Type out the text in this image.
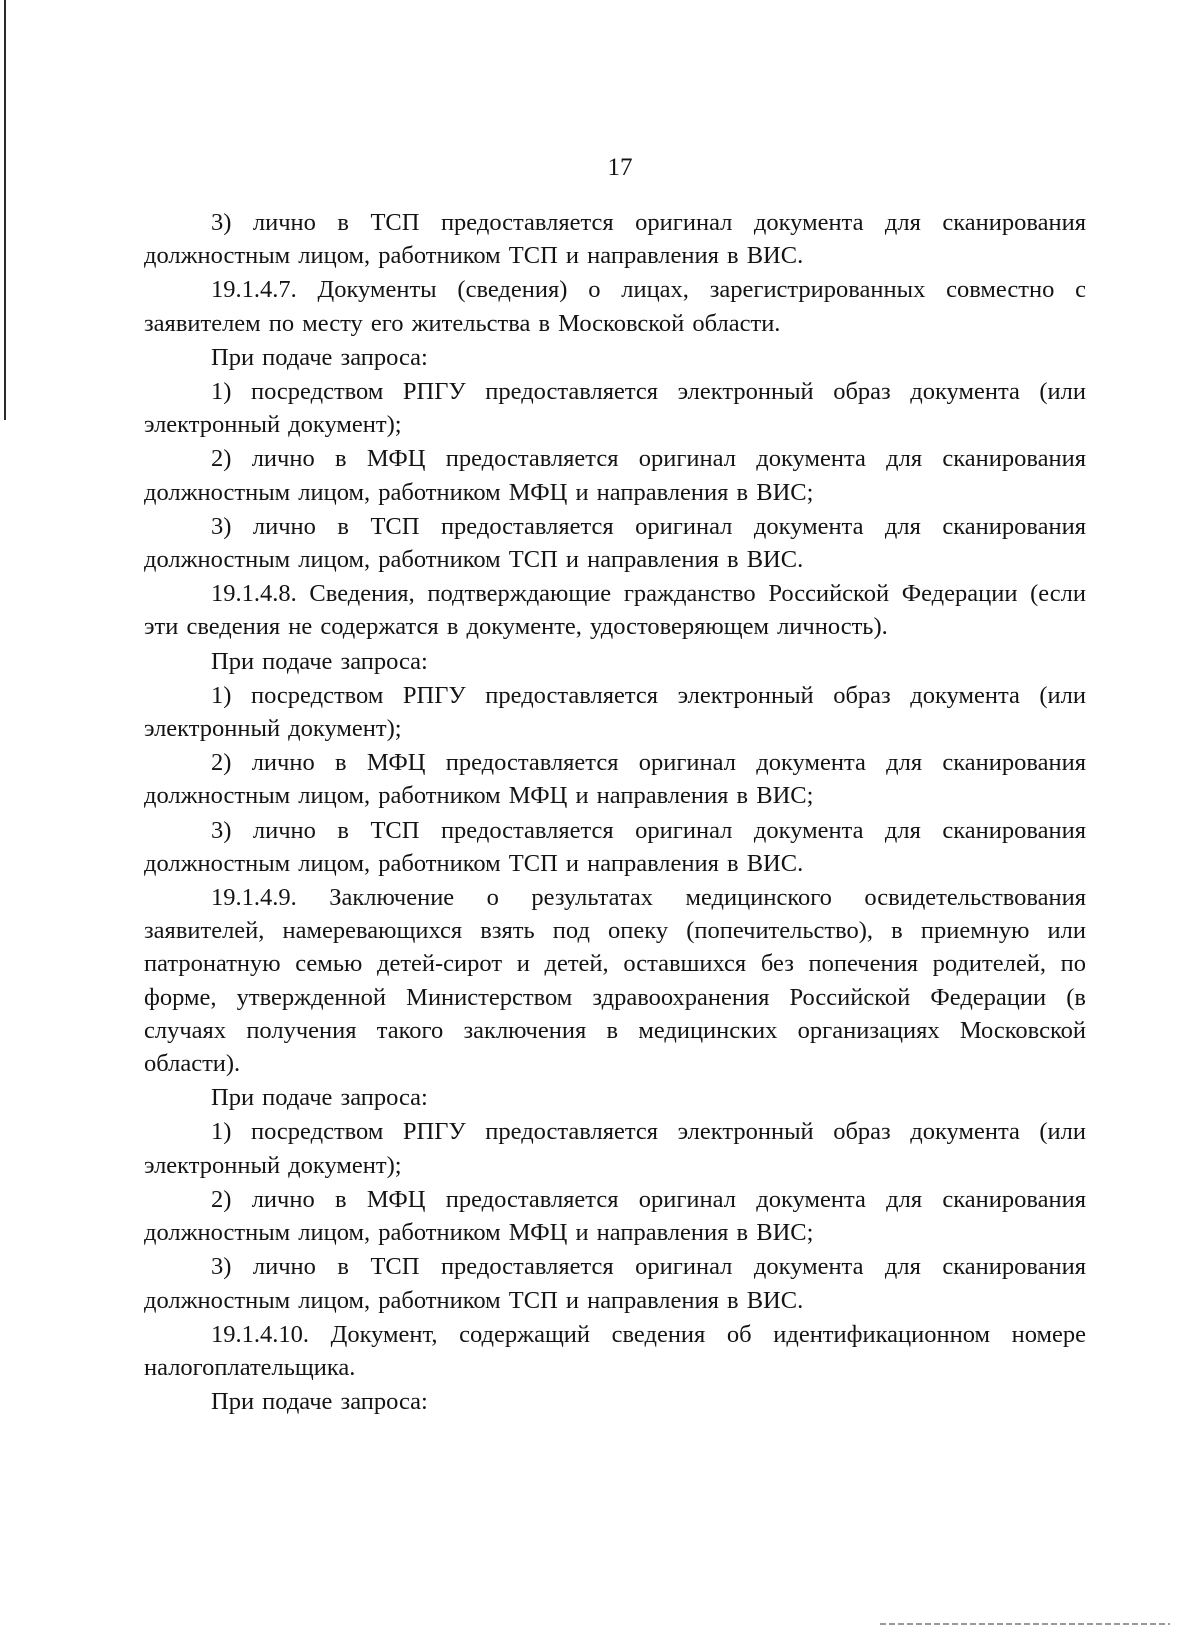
17

3) лично в ТСП предоставляется оригинал документа для сканирования должностным лицом, работником ТСП и направления в ВИС.

19.1.4.7. Документы (сведения) о лицах, зарегистрированных совместно с заявителем по месту его жительства в Московской области.

При подаче запроса:

1) посредством РПГУ предоставляется электронный образ документа (или электронный документ);

2) лично в МФЦ предоставляется оригинал документа для сканирования должностным лицом, работником МФЦ и направления в ВИС;

3) лично в ТСП предоставляется оригинал документа для сканирования должностным лицом, работником ТСП и направления в ВИС.

19.1.4.8. Сведения, подтверждающие гражданство Российской Федерации (если эти сведения не содержатся в документе, удостоверяющем личность).

При подаче запроса:

1) посредством РПГУ предоставляется электронный образ документа (или электронный документ);

2) лично в МФЦ предоставляется оригинал документа для сканирования должностным лицом, работником МФЦ и направления в ВИС;

3) лично в ТСП предоставляется оригинал документа для сканирования должностным лицом, работником ТСП и направления в ВИС.

19.1.4.9. Заключение о результатах медицинского освидетельствования заявителей, намеревающихся взять под опеку (попечительство), в приемную или патронатную семью детей-сирот и детей, оставшихся без попечения родителей, по форме, утвержденной Министерством здравоохранения Российской Федерации (в случаях получения такого заключения в медицинских организациях Московской области).

При подаче запроса:

1) посредством РПГУ предоставляется электронный образ документа (или электронный документ);

2) лично в МФЦ предоставляется оригинал документа для сканирования должностным лицом, работником МФЦ и направления в ВИС;

3) лично в ТСП предоставляется оригинал документа для сканирования должностным лицом, работником ТСП и направления в ВИС.

19.1.4.10. Документ, содержащий сведения об идентификационном номере налогоплательщика.

При подаче запроса:
